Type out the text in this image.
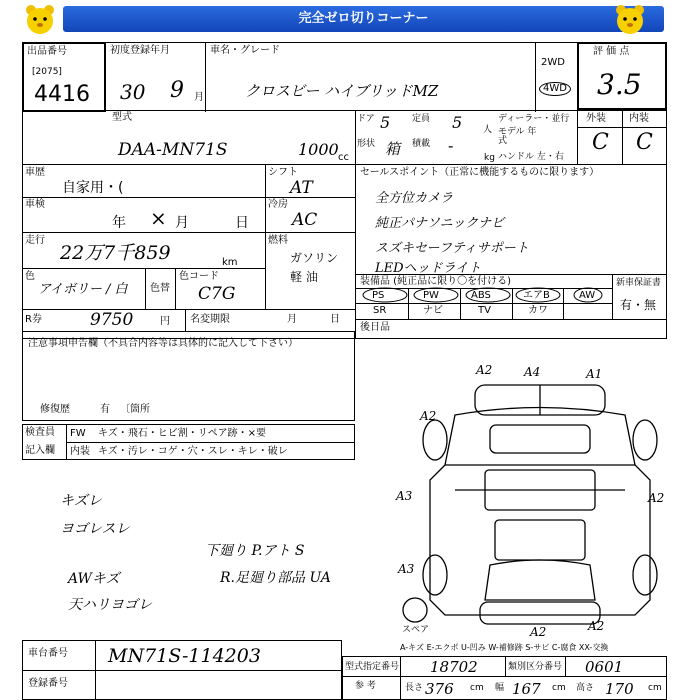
完全ゼロ切りコーナー
出品番号
[2075]
4416
初度登録年月
30 9 月
車名・グレード
クロスビー ハイブリッドMZ
2WD
4WD
評 価 点
3.5
型式
DAA-MN71S	1000 cc
ドア 5 定員 5 人
形状 箱 積載 -
kg
ディーラー・並行
モデル 年式
ハンドル 左・右
外装 内装
C C
車歴
自家用・(
車検
年 × 月	日
走行
22万7千859	km
色
アイボリー / 白 色替
色コード
C7G
シフト
AT
冷房
AC
燃料
ガソリン
軽 油
R券	9750	円 名変期限	月	日
セールスポイント（正常に機能するものに限ります）
全方位カメラ
純正パナソニックナビ
スズキセーフティサポート
LEDヘッドライト
装備品 (純正品に限り〇を付ける)	新車保証書
有・無
PS	PW	ABS	エアB	AW
SR	ナビ	TV	カワ
後日品
注意事項申告欄（不具合内容等は具体的に記入して下さい）
修復歴	有 〔箇所
検査員
記入欄
FW キズ・飛石・ヒビ割・リペア跡・×要
内装 キズ・汚レ・コゲ・穴・スレ・キレ・破レ
キズレ
ヨゴレスレ
AWキズ
天ハリヨゴレ
下廻り P.アト S
R.足廻り部品 UA
A2	A4	A1
A2
A3	A2
A3
A2	A2
スペア
A-キズ E-エクボ U-凹み W-補修跡 S-サビ C-腐食 XX-交換
車台番号 MN71S-114203
登録番号
型式指定番号 18702	類別区分番号 0601
参 考	長さ 376 cm 幅 167 cm 高さ 170 cm
